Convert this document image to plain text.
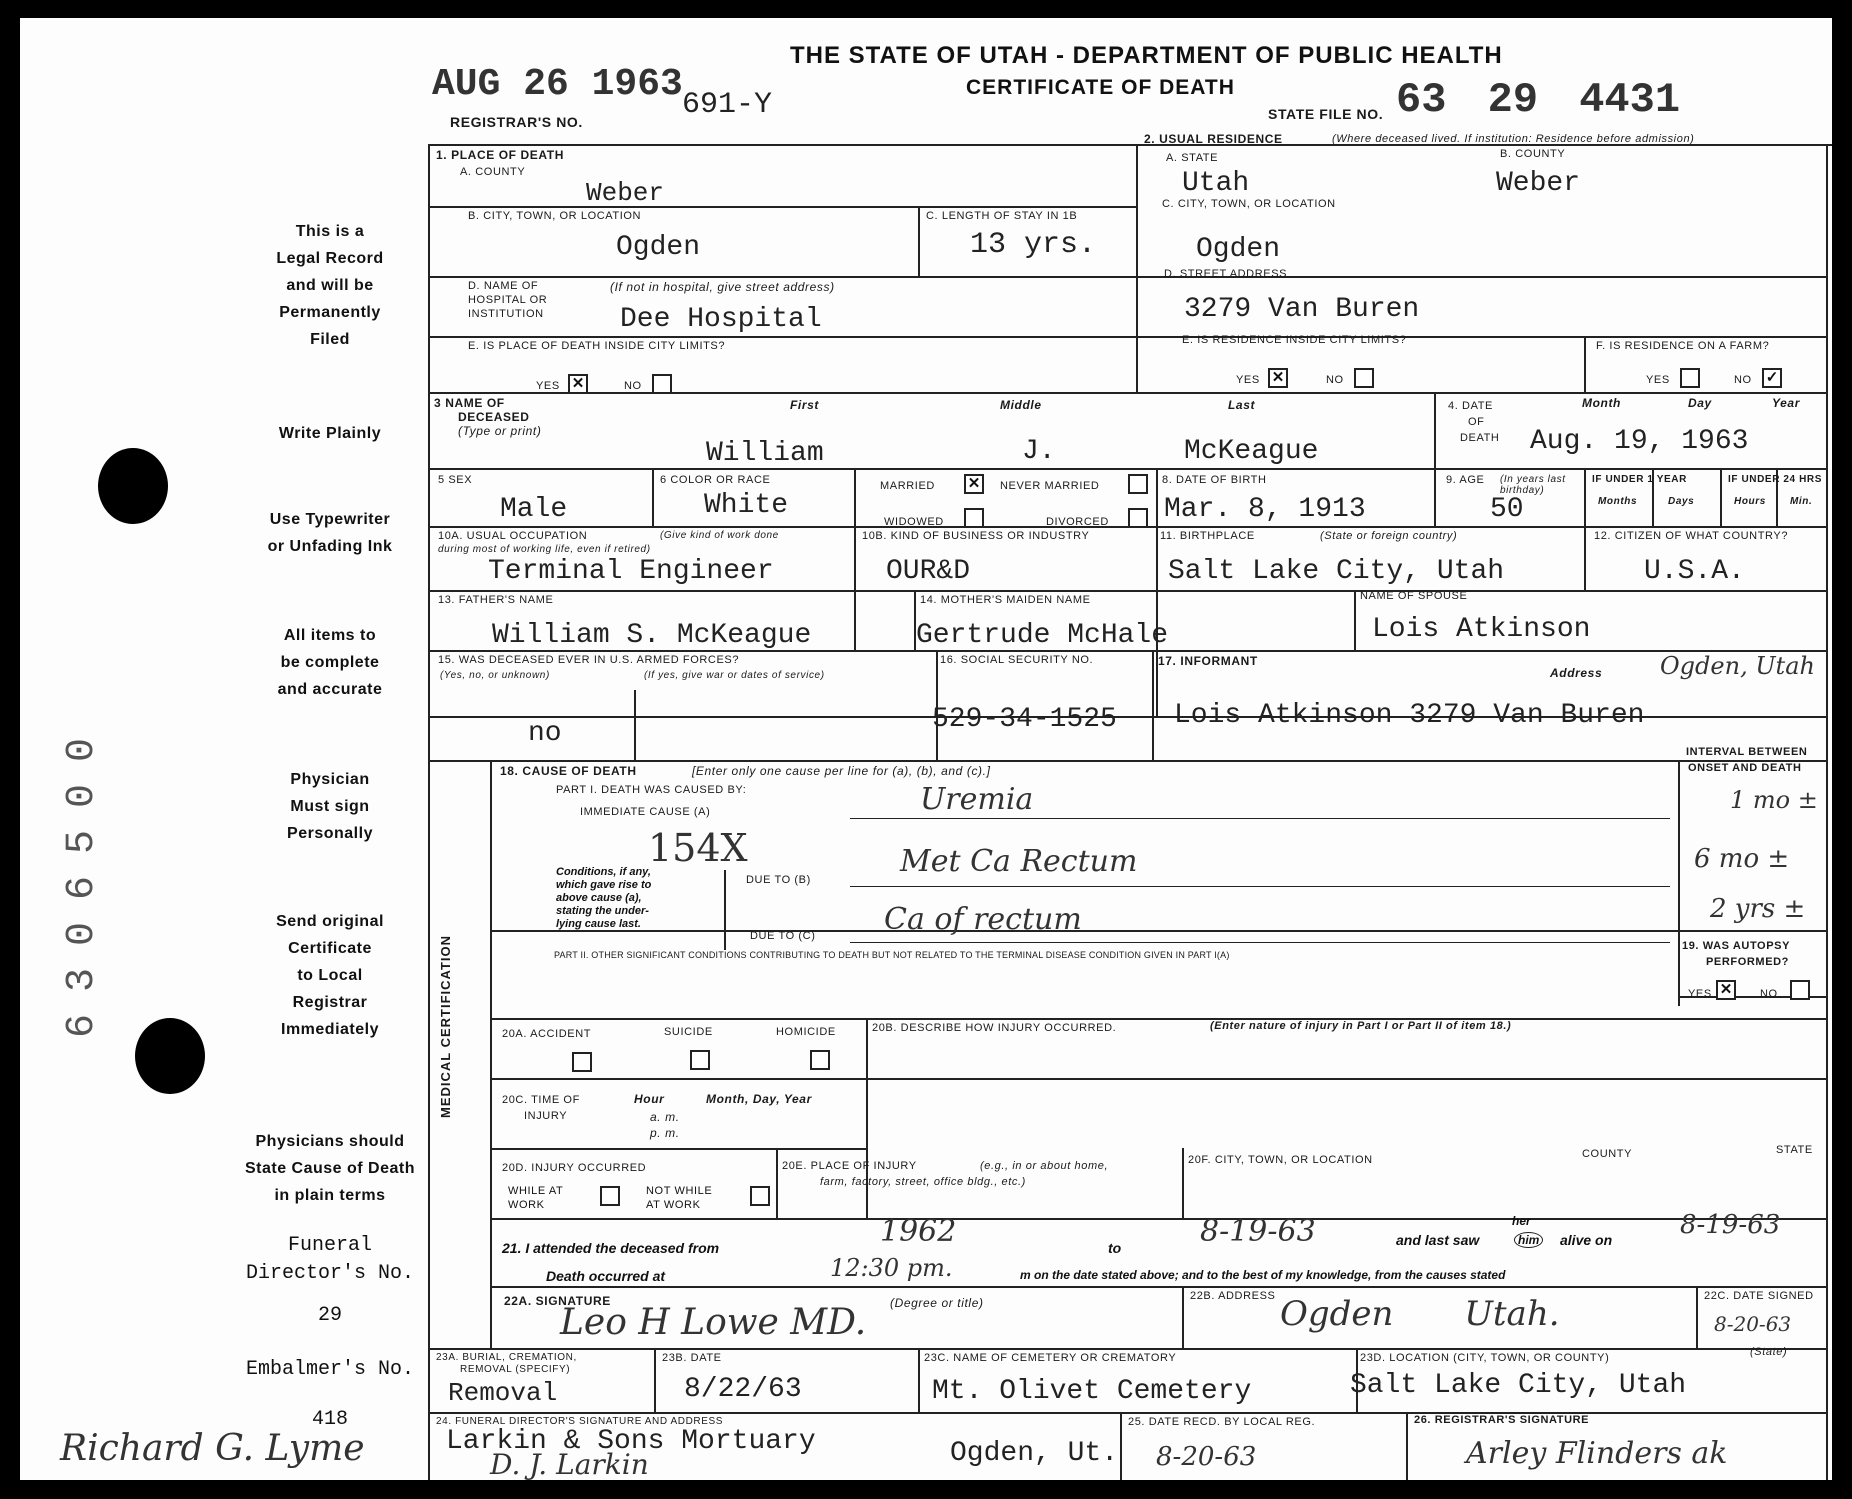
AUG 26 1963
REGISTRAR'S NO.	691-Y
THE STATE OF UTAH - DEPARTMENT OF PUBLIC HEALTH
CERTIFICATE OF DEATH
STATE FILE NO. 63 29 4431
This is a
Legal Record
and will be
Permanently
Filed
Write Plainly
Use Typewriter
or Unfading Ink
All items to
be complete
and accurate
Physician
Must sign
Personally
Send original
Certificate
to Local
Registrar
Immediately
Physicians should
State Cause of Death
in plain terms
Funeral
Director's No.
29
Embalmer's No.
418
6306500
Richard G. Lyme
1. PLACE OF DEATH
A. COUNTY
Weber
2. USUAL RESIDENCE	(Where deceased lived. If institution: Residence before admission)
A. STATE	B. COUNTY
Utah	Weber
B. CITY, TOWN, OR LOCATION
Ogden
C. LENGTH OF STAY IN 1B
13 yrs.
C. CITY, TOWN, OR LOCATION
Ogden
D. NAME OF
HOSPITAL OR
INSTITUTION
(If not in hospital, give street address)
Dee Hospital
D. STREET ADDRESS
3279 Van Buren
E. IS PLACE OF DEATH INSIDE CITY LIMITS?
YES ✕	NO
E. IS RESIDENCE INSIDE CITY LIMITS?
YES ✕	NO
F. IS RESIDENCE ON A FARM?
YES	NO ✓
3 NAME OF
DECEASED
(Type or print)
First	Middle	Last
William	J.	McKeague
4. DATE
OF
DEATH
Month	Day	Year
Aug. 19, 1963
5 SEX
Male
6 COLOR OR RACE
White
MARRIED ✕	NEVER MARRIED
WIDOWED	DIVORCED
8. DATE OF BIRTH
Mar. 8, 1913
9. AGE (In years last birthday)
50
IF UNDER 1 YEAR	IF UNDER 24 HRS
Months	Days	Hours Min.
10A. USUAL OCCUPATION	(Give kind of work done
during most of working life, even if retired)
Terminal Engineer
10B. KIND OF BUSINESS OR INDUSTRY
OUR&D
11. BIRTHPLACE	(State or foreign country)
Salt Lake City, Utah
12. CITIZEN OF WHAT COUNTRY?
U.S.A.
13. FATHER'S NAME
William S. McKeague
14. MOTHER'S MAIDEN NAME
Gertrude McHale
NAME OF SPOUSE
Lois Atkinson
15. WAS DECEASED EVER IN U.S. ARMED FORCES?
(Yes, no, or unknown)	(If yes, give war or dates of service)
no
16. SOCIAL SECURITY NO.
529-34-1525
17. INFORMANT
Address Ogden, Utah
Lois Atkinson 3279 Van Buren
MEDICAL CERTIFICATION
18. CAUSE OF DEATH	[Enter only one cause per line for (a), (b), and (c).]
INTERVAL BETWEEN
ONSET AND DEATH
PART I. DEATH WAS CAUSED BY:
IMMEDIATE CAUSE (A)	Uremia	1 mo ±
154X
Conditions, if any,
which gave rise to
above cause (a),
stating the under-
lying cause last.
DUE TO (B)
Met Ca Rectum	6 mo ±
DUE TO (C) Ca of rectum	2 yrs ±
PART II. OTHER SIGNIFICANT CONDITIONS CONTRIBUTING TO DEATH BUT NOT RELATED TO THE TERMINAL DISEASE CONDITION GIVEN IN PART I(A)
19. WAS AUTOPSY
PERFORMED?
YES ✕	NO
20A. ACCIDENT	SUICIDE	HOMICIDE	20B. DESCRIBE HOW INJURY OCCURRED.	(Enter nature of injury in Part I or Part II of item 18.)
20C. TIME OF
INJURY
Hour
a. m.
p. m.
Month, Day, Year
20D. INJURY OCCURRED
WHILE AT
WORK
NOT WHILE
AT WORK
20E. PLACE OF INJURY	(e.g., in or about home,
farm, factory, street, office bldg., etc.)
20F. CITY, TOWN, OR LOCATION	COUNTY	STATE
21. I attended the deceased from	1962	to	8-19-63	and last saw
her
him alive on	8-19-63
Death occurred at	12:30 pm.	m on the date stated above; and to the best of my knowledge, from the causes stated
22A. SIGNATURE	(Degree or title)
Leo H Lowe MD.
22B. ADDRESS Ogden Utah.	22C. DATE SIGNED
8-20-63
23A. BURIAL, CREMATION,
REMOVAL (SPECIFY)
Removal
23B. DATE
8/22/63
23C. NAME OF CEMETERY OR CREMATORY
Mt. Olivet Cemetery
23D. LOCATION (CITY, TOWN, OR COUNTY)	(State)
Salt Lake City, Utah
24. FUNERAL DIRECTOR'S SIGNATURE AND ADDRESS
Larkin & Sons Mortuary	Ogden, Ut.
D. J. Larkin
25. DATE RECD. BY LOCAL REG.
8-20-63
26. REGISTRAR'S SIGNATURE
Arley Flinders ak
